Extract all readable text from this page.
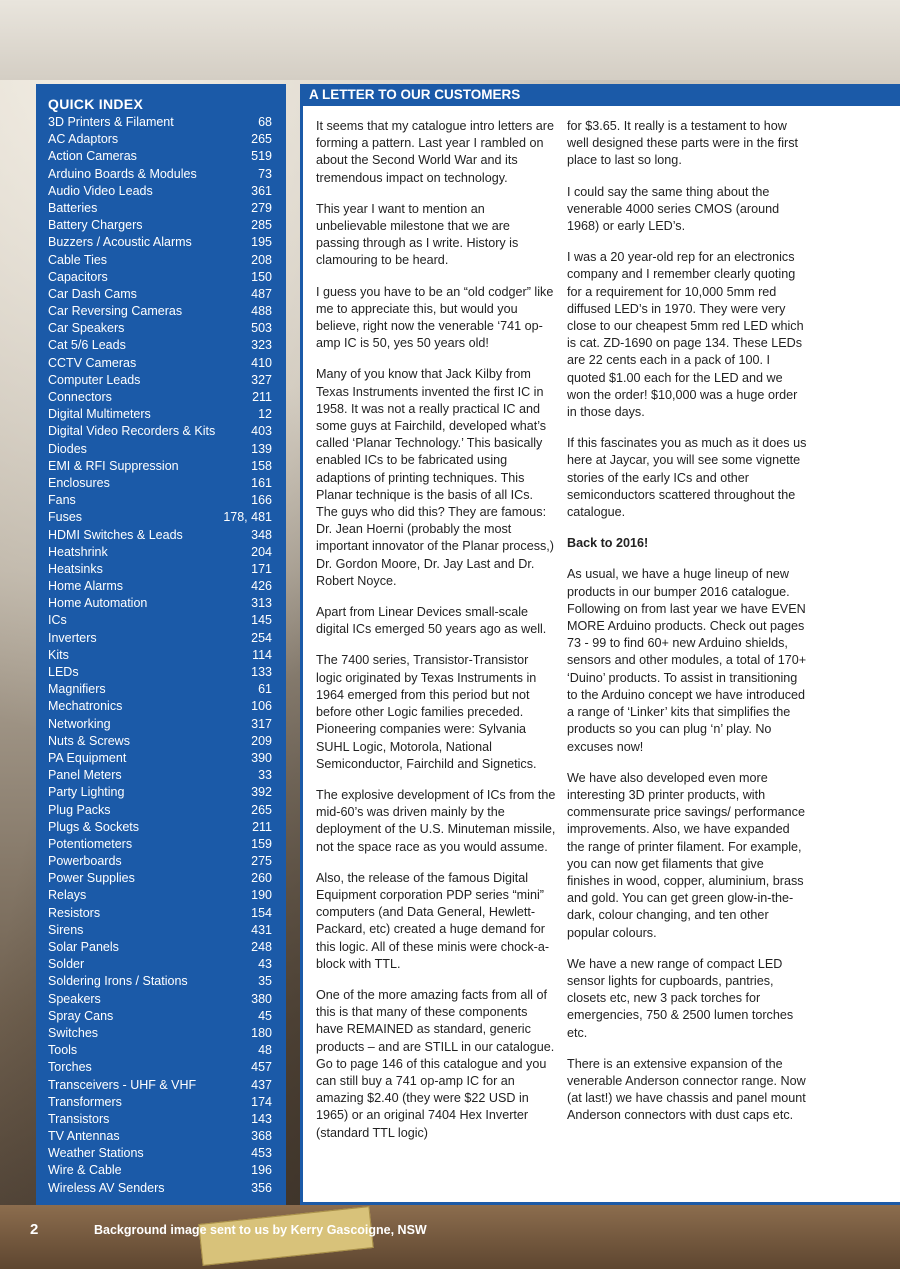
QUICK INDEX
3D Printers & Filament	68
AC Adaptors	265
Action Cameras	519
Arduino Boards & Modules	73
Audio Video Leads	361
Batteries	279
Battery Chargers	285
Buzzers / Acoustic Alarms	195
Cable Ties	208
Capacitors	150
Car Dash Cams	487
Car Reversing Cameras	488
Car Speakers	503
Cat 5/6 Leads	323
CCTV Cameras	410
Computer Leads	327
Connectors	211
Digital Multimeters	12
Digital Video Recorders & Kits	403
Diodes	139
EMI & RFI Suppression	158
Enclosures	161
Fans	166
Fuses	178, 481
HDMI Switches & Leads	348
Heatshrink	204
Heatsinks	171
Home Alarms	426
Home Automation	313
ICs	145
Inverters	254
Kits	114
LEDs	133
Magnifiers	61
Mechatronics	106
Networking	317
Nuts & Screws	209
PA Equipment	390
Panel Meters	33
Party Lighting	392
Plug Packs	265
Plugs & Sockets	211
Potentiometers	159
Powerboards	275
Power Supplies	260
Relays	190
Resistors	154
Sirens	431
Solar Panels	248
Solder	43
Soldering Irons / Stations	35
Speakers	380
Spray Cans	45
Switches	180
Tools	48
Torches	457
Transceivers - UHF & VHF	437
Transformers	174
Transistors	143
TV Antennas	368
Weather Stations	453
Wire & Cable	196
Wireless AV Senders	356
A LETTER TO OUR CUSTOMERS

It seems that my catalogue intro letters are forming a pattern. Last year I rambled on about the Second World War and its tremendous impact on technology.

This year I want to mention an unbelievable milestone that we are passing through as I write. History is clamouring to be heard.

I guess you have to be an “old codger” like me to appreciate this, but would you believe, right now the venerable ‘741 op-amp IC is 50, yes 50 years old!

Many of you know that Jack Kilby from Texas Instruments invented the first IC in 1958. It was not a really practical IC and some guys at Fairchild, developed what’s called ‘Planar Technology.’ This basically enabled ICs to be fabricated using adaptions of printing techniques. This Planar technique is the basis of all ICs. The guys who did this? They are famous: Dr. Jean Hoerni (probably the most important innovator of the Planar process,) Dr. Gordon Moore, Dr. Jay Last and Dr. Robert Noyce.

Apart from Linear Devices small-scale digital ICs emerged 50 years ago as well.

The 7400 series, Transistor-Transistor logic originated by Texas Instruments in 1964 emerged from this period but not before other Logic families preceded. Pioneering companies were: Sylvania SUHL Logic, Motorola, National Semiconductor, Fairchild and Signetics.

The explosive development of ICs from the mid-60’s was driven mainly by the deployment of the U.S. Minuteman missile, not the space race as you would assume.

Also, the release of the famous Digital Equipment corporation PDP series “mini” computers (and Data General, Hewlett-Packard, etc) created a huge demand for this logic. All of these minis were chock-a-block with TTL.

One of the more amazing facts from all of this is that many of these components have REMAINED as standard, generic products – and are STILL in our catalogue. Go to page 146 of this catalogue and you can still buy a 741 op-amp IC for an amazing $2.40 (they were $22 USD in 1965) or an original 7404 Hex Inverter (standard TTL logic)

for $3.65. It really is a testament to how well designed these parts were in the first place to last so long.

I could say the same thing about the venerable 4000 series CMOS (around 1968) or early LED’s.

I was a 20 year-old rep for an electronics company and I remember clearly quoting for a requirement for 10,000 5mm red diffused LED’s in 1970. They were very close to our cheapest 5mm red LED which is cat. ZD-1690 on page 134. These LEDs are 22 cents each in a pack of 100. I quoted $1.00 each for the LED and we won the order! $10,000 was a huge order in those days.

If this fascinates you as much as it does us here at Jaycar, you will see some vignette stories of the early ICs and other semiconductors scattered throughout the catalogue.

Back to 2016!

As usual, we have a huge lineup of new products in our bumper 2016 catalogue. Following on from last year we have EVEN MORE Arduino products. Check out pages 73 - 99 to find 60+ new Arduino shields, sensors and other modules, a total of 170+ ‘Duino’ products. To assist in transitioning to the Arduino concept we have introduced a range of ‘Linker’ kits that simplifies the products so you can plug ‘n’ play. No excuses now!

We have also developed even more interesting 3D printer products, with commensurate price savings/ performance improvements. Also, we have expanded the range of printer filament. For example, you can now get filaments that give finishes in wood, copper, aluminium, brass and gold. You can get green glow-in-the-dark, colour changing, and ten other popular colours.

We have a new range of compact LED sensor lights for cupboards, pantries, closets etc, new 3 pack torches for emergencies, 750 & 2500 lumen torches etc.

There is an extensive expansion of the venerable Anderson connector range. Now (at last!) we have chassis and panel mount Anderson connectors with dust caps etc.

2	Background image sent to us by Kerry Gascoigne, NSW
